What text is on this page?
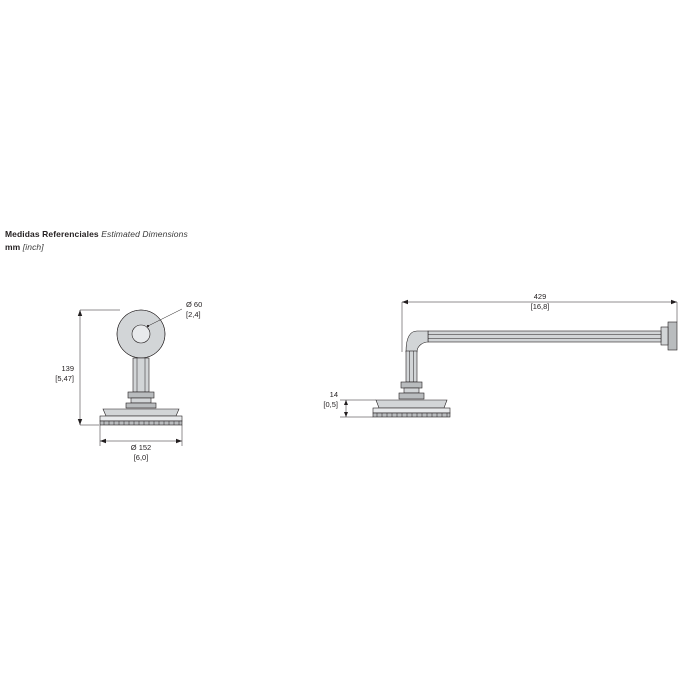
Medidas Referenciales Estimated Dimensions
mm [inch]
Ø 60
[2,4]
139
[5,47]
Ø 152
[6,0]
429
[16,8]
14
[0,5]
